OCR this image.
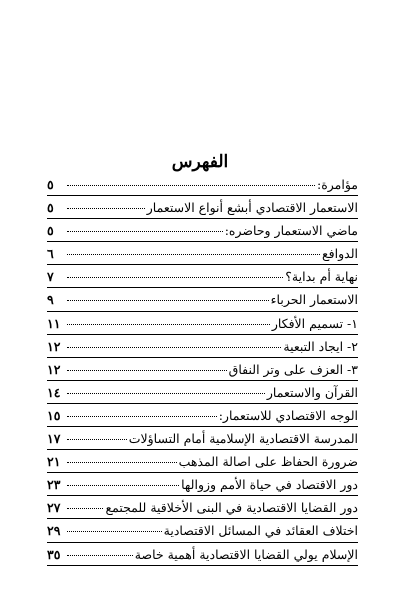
الفهرس
مؤامرة:
٥
الاستعمار الاقتصادي أبشع أنواع الاستعمار
٥
ماضي الاستعمار وحاضره:
٥
الدوافع
٦
نهاية أم بداية؟
٧
الاستعمار الحرباء
٩
١- تسميم الأفكار
١١
٢- ايجاد التبعية
١٢
٣- العزف على وتر النفاق
١٢
القرآن والاستعمار
١٤
الوجه الاقتصادي للاستعمار:
١٥
المدرسة الاقتصادية الإسلامية أمام التساؤلات
١٧
ضرورة الحفاظ على اصالة المذهب
٢١
دور الاقتصاد في حياة الأمم وزوالها
٢٣
دور القضايا الاقتصادية في البنى الأخلاقية للمجتمع
٢٧
اختلاف العقائد في المسائل الاقتصادية
٢٩
الإسلام يولي القضايا الاقتصادية أهمية خاصة
٣٥
